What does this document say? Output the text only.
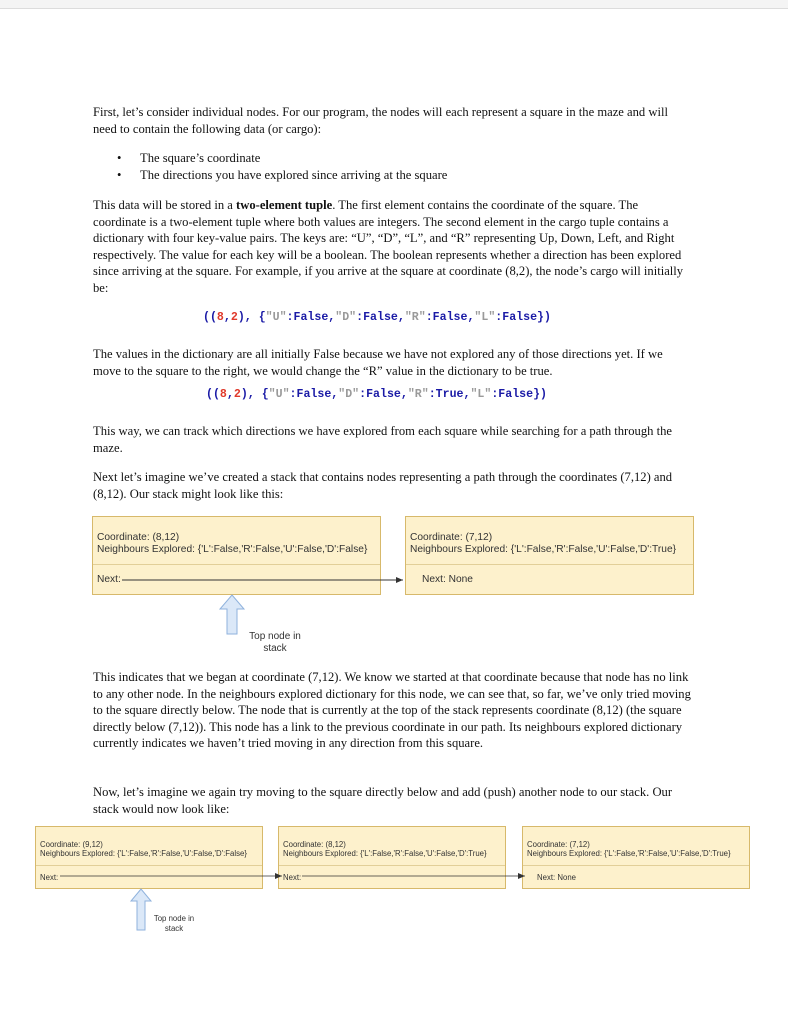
First, let’s consider individual nodes. For our program, the nodes will each represent a square in the maze and will need to contain the following data (or cargo):

• The square’s coordinate
• The directions you have explored since arriving at the square

This data will be stored in a two-element tuple. The first element contains the coordinate of the square. The coordinate is a two-element tuple where both values are integers. The second element in the cargo tuple contains a dictionary with four key-value pairs. The keys are: “U”, “D”, “L”, and “R” representing Up, Down, Left, and Right respectively. The value for each key will be a boolean. The boolean represents whether a direction has been explored since arriving at the square. For example, if you arrive at the square at coordinate (8,2), the node’s cargo will initially be:

((8,2), {"U":False,"D":False,"R":False,"L":False})

The values in the dictionary are all initially False because we have not explored any of those directions yet. If we move to the square to the right, we would change the “R” value in the dictionary to be true.

((8,2), {"U":False,"D":False,"R":True,"L":False})

This way, we can track which directions we have explored from each square while searching for a path through the maze.

Next let’s imagine we’ve created a stack that contains nodes representing a path through the coordinates (7,12) and (8,12). Our stack might look like this:

Coordinate: (8,12)
Neighbours Explored: {'L':False,'R':False,'U':False,'D':False}
Next:
Coordinate: (7,12)
Neighbours Explored: {'L':False,'R':False,'U':False,'D':True}
Next: None
Coordinate: (9,12)
Neighbours Explored: {'L':False,'R':False,'U':False,'D':False}
Next:
Coordinate: (8,12)
Neighbours Explored: {'L':False,'R':False,'U':False,'D':True}
Next:
Coordinate: (7,12)
Neighbours Explored: {'L':False,'R':False,'U':False,'D':True}
Next: None
Top node in
stack
Top node in
stack

This indicates that we began at coordinate (7,12). We know we started at that coordinate because that node has no link to any other node. In the neighbours explored dictionary for this node, we can see that, so far, we’ve only tried moving to the square directly below. The node that is currently at the top of the stack represents coordinate (8,12) (the square directly below (7,12)). This node has a link to the previous coordinate in our path. Its neighbours explored dictionary currently indicates we haven’t tried moving in any direction from this square.

Now, let’s imagine we again try moving to the square directly below and add (push) another node to our stack. Our stack would now look like:
